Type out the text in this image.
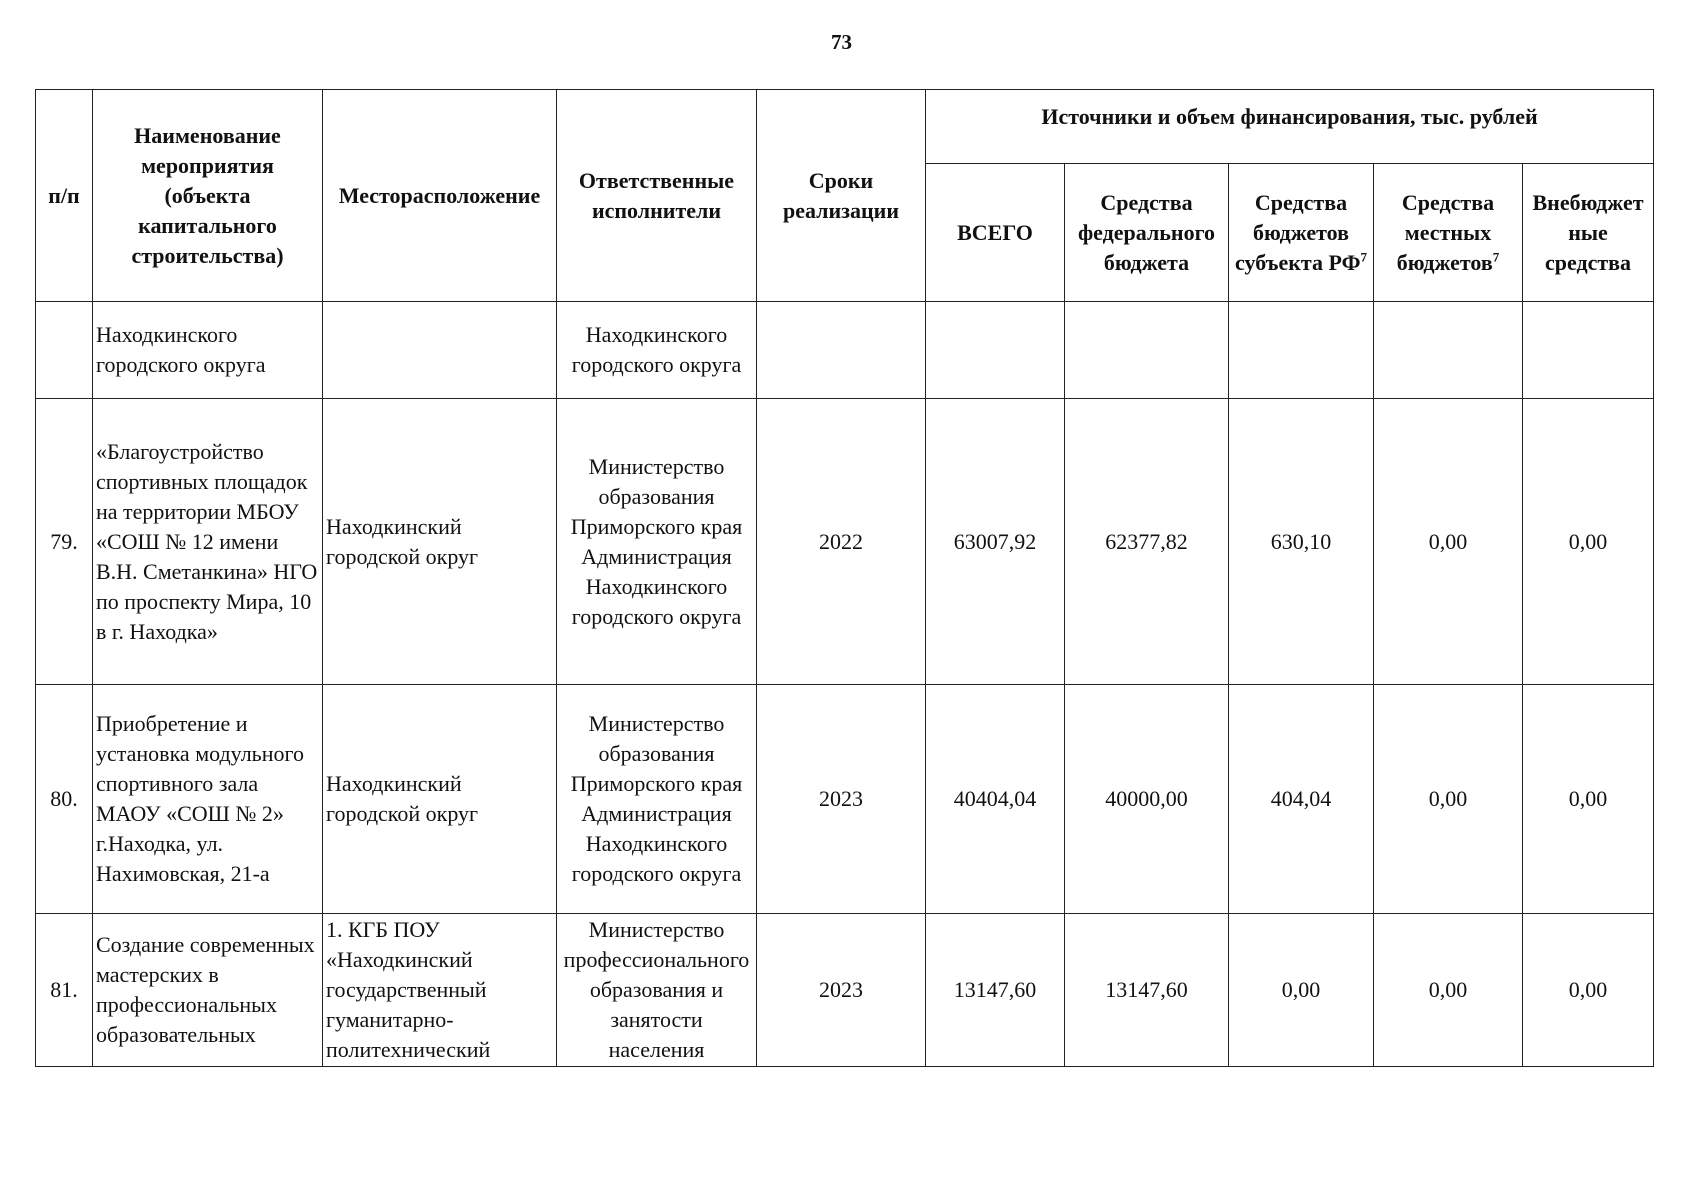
73
п/п	Наименование мероприятия (объекта капитального строительства)	Месторасположение	Ответственные исполнители	Сроки реализации	Источники и объем финансирования, тыс. рублей				
					ВСЕГО	Средства федерального бюджета	Средства бюджетов субъекта $РФ^7$	Средства местных бюджетов$^7$	Внебюджет ные средства
	Находкинского городского округа		Находкинского городского округа						
79.	«Благоустройство спортивных площадок на территории МБОУ «СОШ № 12 имени В.Н. Сметанкина» НГО по проспекту Мира, 10 в г. Находка»	Находкинский городской округ	Министерство образования Приморского края Администрация Находкинского городского округа	2022	63007,92	62377,82	630,10	0,00	0,00
80.	Приобретение и установка модульного спортивного зала МАОУ «СОШ № 2» г.Находка, ул. Нахимовская, 21-а	Находкинский городской округ	Министерство образования Приморского края Администрация Находкинского городского округа	2023	40404,04	40000,00	404,04	0,00	0,00
81.	Создание современных мастерских в профессиональных образовательных	1. КГБ ПОУ «Находкинский государственный гуманитарно-политехнический	Министерство профессионального образования и занятости населения	2023	13147,60	13147,60	0,00	0,00	0,00
